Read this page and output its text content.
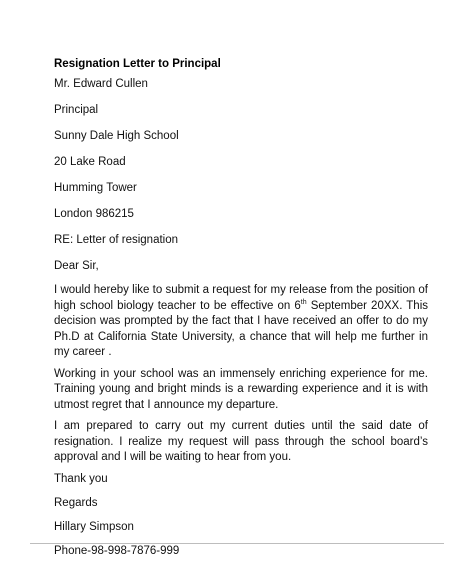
Resignation Letter to Principal
Mr. Edward Cullen
Principal
Sunny Dale High School
20 Lake Road
Humming Tower
London 986215
RE: Letter of resignation
Dear Sir,
I would hereby like to submit a request for my release from the position of high school biology teacher to be effective on 6th September 20XX. This decision was prompted by the fact that I have received an offer to do my Ph.D at California State University, a chance that will help me further in my career .
Working in your school was an immensely enriching experience for me. Training young and bright minds is a rewarding experience and it is with utmost regret that I announce my departure.
I am prepared to carry out my current duties until the said date of resignation. I realize my request will pass through the school board’s approval and I will be waiting to hear from you.
Thank you
Regards
Hillary Simpson
Phone-98-998-7876-999
